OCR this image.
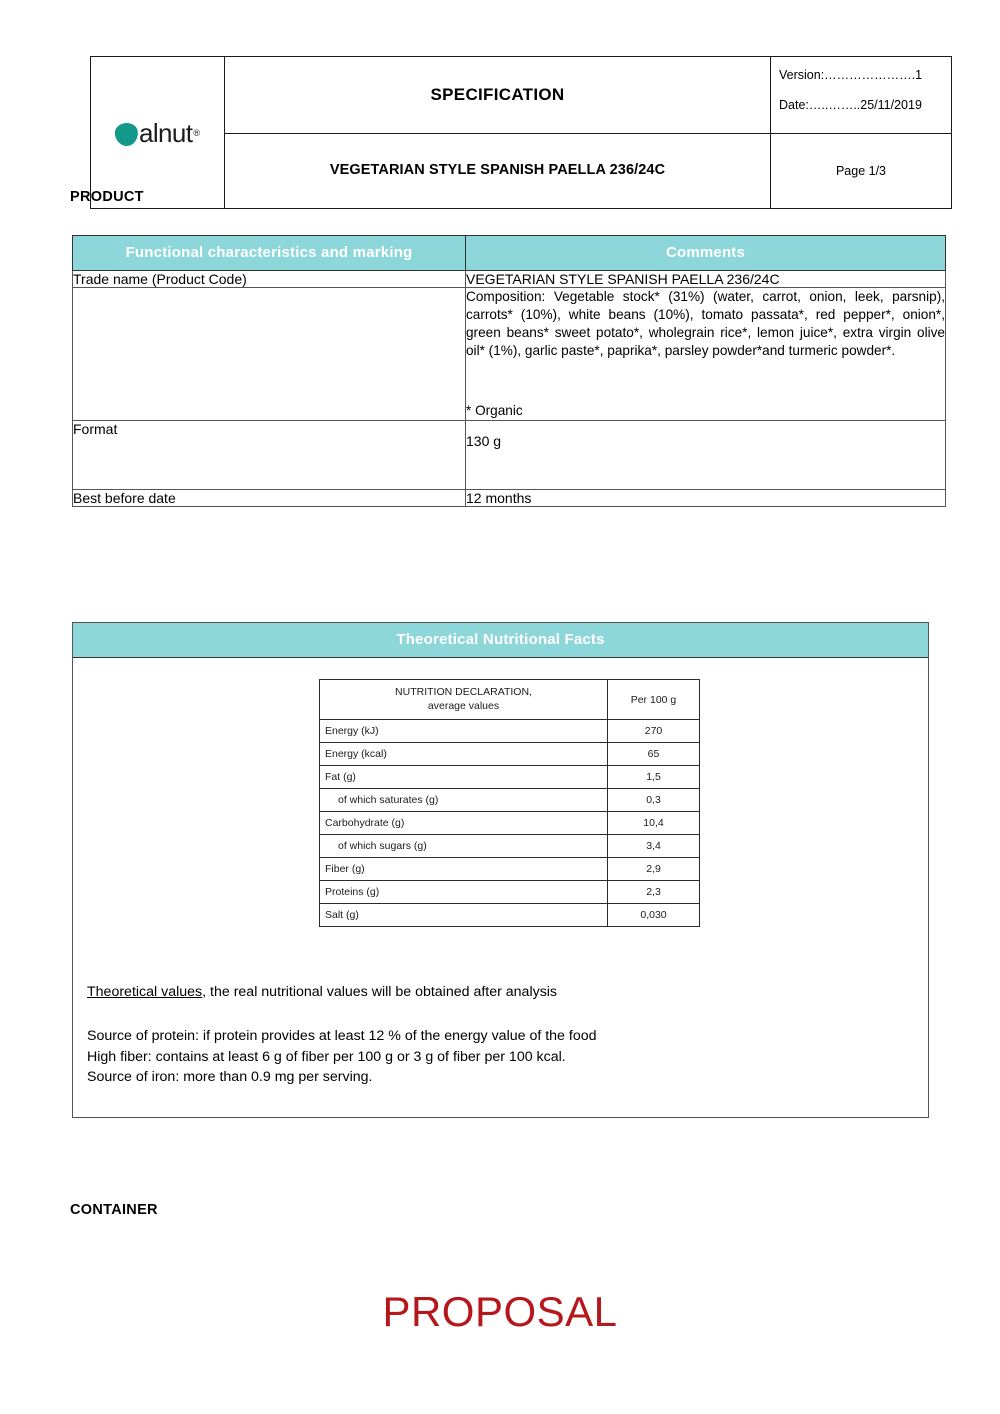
alnut ®

SPECIFICATION

Version:………………….1
Date:…..……..25/11/2019

	VEGETARIAN STYLE SPANISH PAELLA 236/24C	Page 1/3
PRODUCT
Functional characteristics and marking	Comments
Trade name (Product Code)	VEGETARIAN STYLE SPANISH PAELLA 236/24C

	Composition: Vegetable stock* (31%) (water, carrot, onion, leek, parsnip), carrots* (10%), white beans (10%), tomato passata*, red pepper*, onion*, green beans* sweet potato*, wholegrain rice*, lemon juice*, extra virgin olive oil* (1%), garlic paste*, paprika*, parsley powder*and turmeric powder*.
* Organic

Format	130 g
Best before date	12 months
Theoretical Nutritional Facts
NUTRITION DECLARATION,
average values	Per 100 g
Energy (kJ)	270
Energy (kcal)	65
Fat (g)	1,5
of which saturates (g)	0,3
Carbohydrate (g)	10,4
of which sugars (g)	3,4
Fiber (g)	2,9
Proteins (g)	2,3
Salt (g)	0,030
Theoretical values, the real nutritional values will be obtained after analysis
Source of protein: if protein provides at least 12 % of the energy value of the food
High fiber: contains at least 6 g of fiber per 100 g or 3 g of fiber per 100 kcal.
Source of iron: more than 0.9 mg per serving.
CONTAINER
PROPOSAL
